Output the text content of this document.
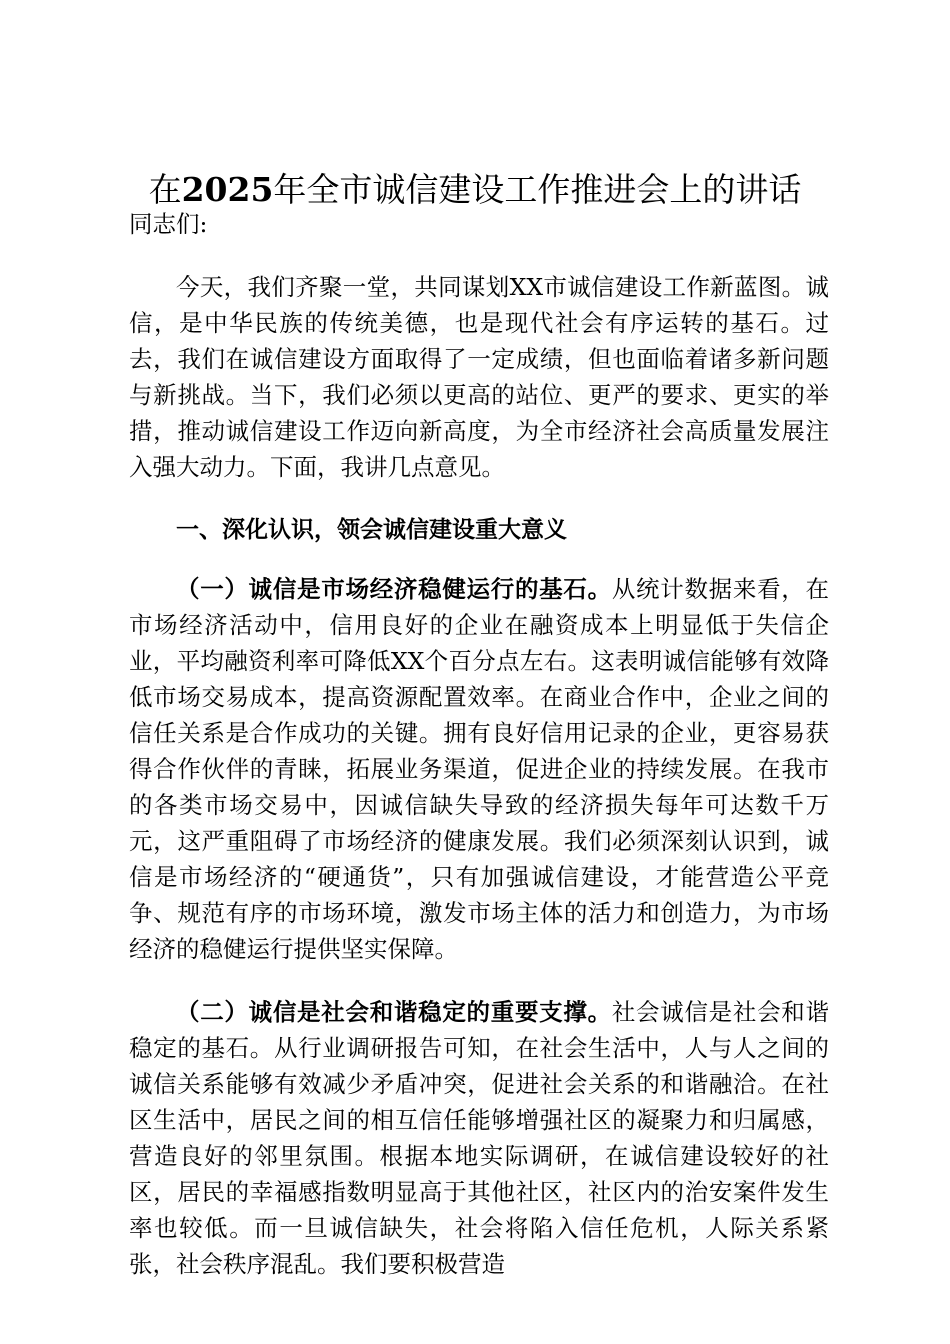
在2025年全市诚信建设工作推进会上的讲话

同志们:

今天，我们齐聚一堂，共同谋划XX市诚信建设工作新蓝图。诚信，是中华民族的传统美德，也是现代社会有序运转的基石。过去，我们在诚信建设方面取得了一定成绩，但也面临着诸多新问题与新挑战。当下，我们必须以更高的站位、更严的要求、更实的举措，推动诚信建设工作迈向新高度，为全市经济社会高质量发展注入强大动力。下面，我讲几点意见。

一、深化认识，领会诚信建设重大意义

（一）诚信是市场经济稳健运行的基石。从统计数据来看，在市场经济活动中，信用良好的企业在融资成本上明显低于失信企业，平均融资利率可降低XX个百分点左右。这表明诚信能够有效降低市场交易成本，提高资源配置效率。在商业合作中，企业之间的信任关系是合作成功的关键。拥有良好信用记录的企业，更容易获得合作伙伴的青睐，拓展业务渠道，促进企业的持续发展。在我市的各类市场交易中，因诚信缺失导致的经济损失每年可达数千万元，这严重阻碍了市场经济的健康发展。我们必须深刻认识到，诚信是市场经济的“硬通货”，只有加强诚信建设，才能营造公平竞争、规范有序的市场环境，激发市场主体的活力和创造力，为市场经济的稳健运行提供坚实保障。

（二）诚信是社会和谐稳定的重要支撑。社会诚信是社会和谐稳定的基石。从行业调研报告可知，在社会生活中，人与人之间的诚信关系能够有效减少矛盾冲突，促进社会关系的和谐融洽。在社区生活中，居民之间的相互信任能够增强社区的凝聚力和归属感，营造良好的邻里氛围。根据本地实际调研，在诚信建设较好的社区，居民的幸福感指数明显高于其他社区，社区内的治安案件发生率也较低。而一旦诚信缺失，社会将陷入信任危机，人际关系紧张，社会秩序混乱。我们要积极营造
